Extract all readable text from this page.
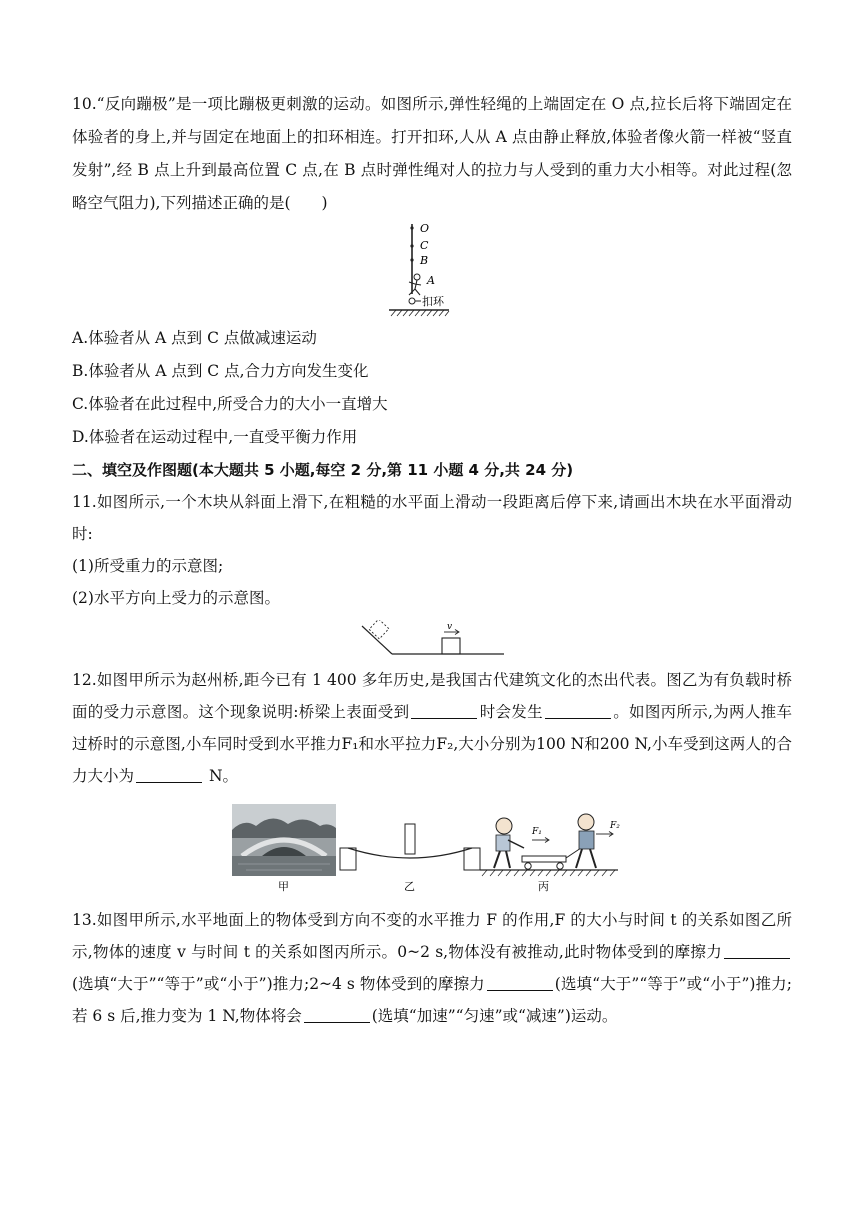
10.“反向蹦极”是一项比蹦极更刺激的运动。如图所示,弹性轻绳的上端固定在 O 点,拉长后将下端固定在体验者的身上,并与固定在地面上的扣环相连。打开扣环,人从 A 点由静止释放,体验者像火箭一样被“竖直发射”,经 B 点上升到最高位置 C 点,在 B 点时弹性绳对人的拉力与人受到的重力大小相等。对此过程(忽略空气阻力),下列描述正确的是(　　)

O
C
B
A
扣环

A.体验者从 A 点到 C 点做减速运动

B.体验者从 A 点到 C 点,合力方向发生变化

C.体验者在此过程中,所受合力的大小一直增大

D.体验者在运动过程中,一直受平衡力作用

二、填空及作图题(本大题共 5 小题,每空 2 分,第 11 小题 4 分,共 24 分)

11.如图所示,一个木块从斜面上滑下,在粗糙的水平面上滑动一段距离后停下来,请画出木块在水平面滑动时:

(1)所受重力的示意图;

(2)水平方向上受力的示意图。

v

12.如图甲所示为赵州桥,距今已有 1 400 多年历史,是我国古代建筑文化的杰出代表。图乙为有负载时桥面的受力示意图。这个现象说明:桥梁上表面受到	时会发生	。如图丙所示,为两人推车过桥时的示意图,小车同时受到水平推力F₁和水平拉力F₂,大小分别为100 N和200 N,小车受到这两人的合力大小为	N。

甲	乙
F₁
F₂
丙

13.如图甲所示,水平地面上的物体受到方向不变的水平推力 F 的作用,F 的大小与时间 t 的关系如图乙所示,物体的速度 v 与时间 t 的关系如图丙所示。0~2 s,物体没有被推动,此时物体受到的摩擦力(选填“大于”“等于”或“小于”)推力;2~4 s 物体受到的摩擦力	(选填“大于”“等于”或“小于”)推力;若 6 s 后,推力变为 1 N,物体将会	(选填“加速”“匀速”或“减速”)运动。
